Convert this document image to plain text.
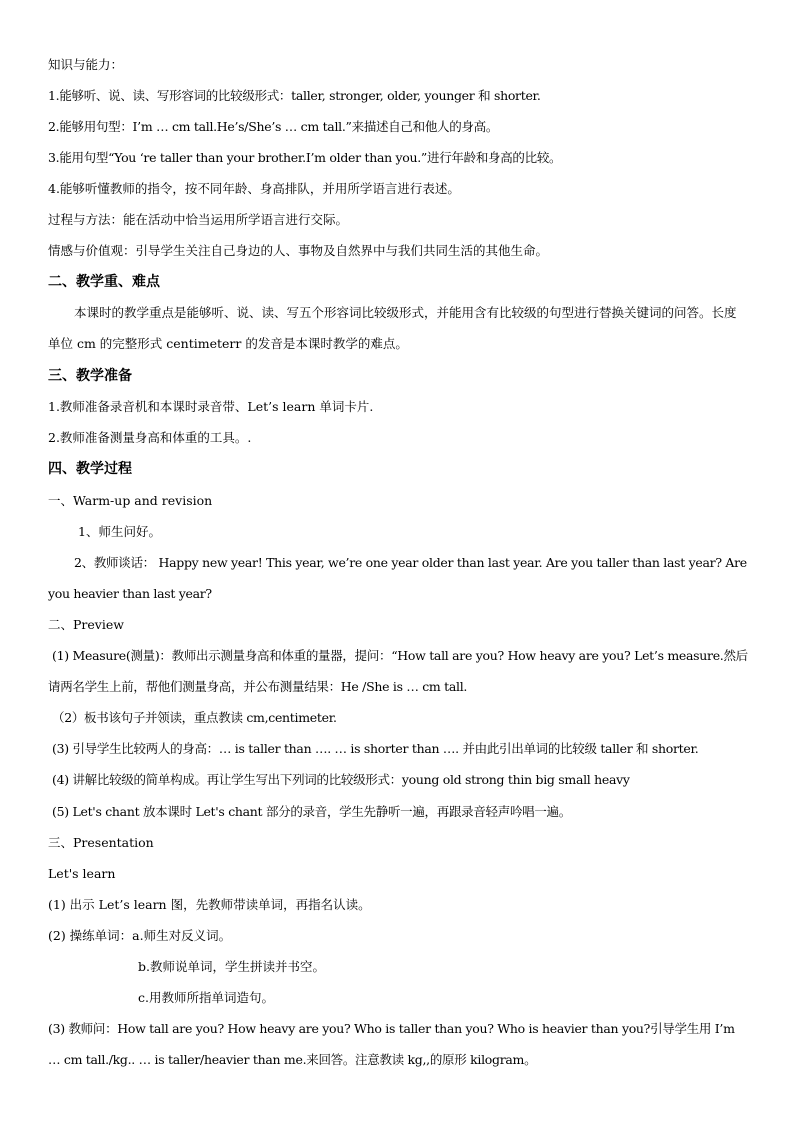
知识与能力：
1.能够听、说、读、写形容词的比较级形式：taller, stronger, older, younger 和 shorter.
2.能够用句型：I’m … cm tall.He’s/She’s … cm tall.”来描述自己和他人的身高。
3.能用句型“You ‘re taller than your brother.I’m older than you.”进行年龄和身高的比较。
4.能够听懂教师的指令，按不同年龄、身高排队，并用所学语言进行表述。
过程与方法：能在活动中恰当运用所学语言进行交际。
情感与价值观：引导学生关注自己身边的人、事物及自然界中与我们共同生活的其他生命。
二、教学重、难点
本课时的教学重点是能够听、说、读、写五个形容词比较级形式，并能用含有比较级的句型进行替换关键词的问答。长度单位 cm 的完整形式 centimeterr 的发音是本课时教学的难点。
三、教学准备
1.教师准备录音机和本课时录音带、Let’s learn 单词卡片.
2.教师准备测量身高和体重的工具。.
四、教学过程
一、Warm-up and revision
1、师生问好。
2、教师谈话： Happy new year! This year, we’re one year older than last year. Are you taller than last year? Are you heavier than last year?
二、Preview
(1) Measure(测量)：教师出示测量身高和体重的量器，提问：“How tall are you? How heavy are you? Let’s measure.然后请两名学生上前，帮他们测量身高，并公布测量结果：He /She is … cm tall.
（2）板书该句子并领读，重点教读 cm,centimeter.
(3) 引导学生比较两人的身高：… is taller than …. … is shorter than …. 并由此引出单词的比较级 taller 和 shorter.
(4) 讲解比较级的简单构成。再让学生写出下列词的比较级形式：young old strong thin big small heavy
(5) Let's chant 放本课时 Let's chant 部分的录音，学生先静听一遍，再跟录音轻声吟唱一遍。
三、Presentation
Let's learn
(1) 出示 Let’s learn 图，先教师带读单词，再指名认读。
(2) 操练单词：a.师生对反义词。
b.教师说单词，学生拼读并书空。
c.用教师所指单词造句。
(3) 教师问：How tall are you? How heavy are you? Who is taller than you? Who is heavier than you?引导学生用 I’m … cm tall./kg.. … is taller/heavier than me.来回答。注意教读 kg,,的原形 kilogram。
